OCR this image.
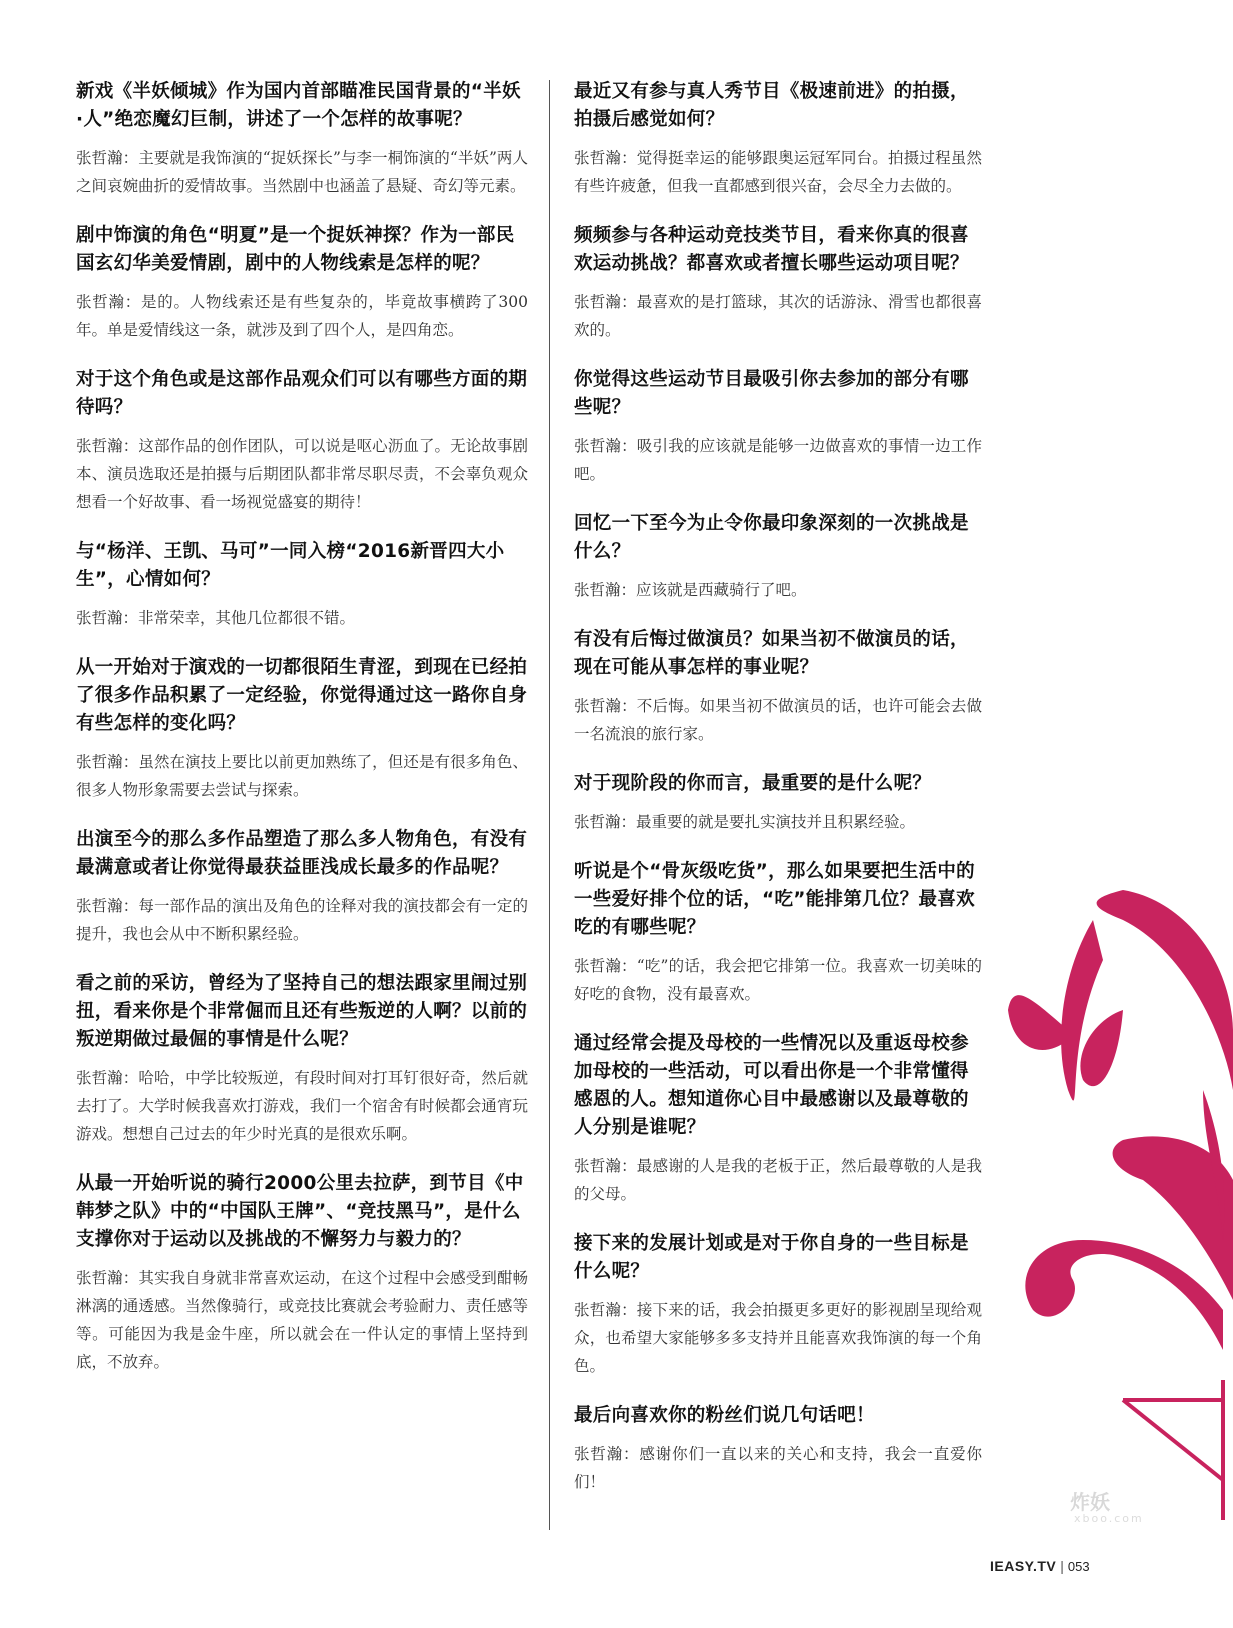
新戏《半妖倾城》作为国内首部瞄准民国背景的“半妖·人”绝恋魔幻巨制，讲述了一个怎样的故事呢？

张哲瀚：主要就是我饰演的“捉妖探长”与李一桐饰演的“半妖”两人之间哀婉曲折的爱情故事。当然剧中也涵盖了悬疑、奇幻等元素。

剧中饰演的角色“明夏”是一个捉妖神探？作为一部民国玄幻华美爱情剧，剧中的人物线索是怎样的呢？

张哲瀚：是的。人物线索还是有些复杂的，毕竟故事横跨了300年。单是爱情线这一条，就涉及到了四个人，是四角恋。

对于这个角色或是这部作品观众们可以有哪些方面的期待吗？

张哲瀚：这部作品的创作团队，可以说是呕心沥血了。无论故事剧本、演员选取还是拍摄与后期团队都非常尽职尽责，不会辜负观众想看一个好故事、看一场视觉盛宴的期待！

与“杨洋、王凯、马可”一同入榜“2016新晋四大小生”，心情如何？

张哲瀚：非常荣幸，其他几位都很不错。

从一开始对于演戏的一切都很陌生青涩，到现在已经拍了很多作品积累了一定经验，你觉得通过这一路你自身有些怎样的变化吗？

张哲瀚：虽然在演技上要比以前更加熟练了，但还是有很多角色、很多人物形象需要去尝试与探索。

出演至今的那么多作品塑造了那么多人物角色，有没有最满意或者让你觉得最获益匪浅成长最多的作品呢？

张哲瀚：每一部作品的演出及角色的诠释对我的演技都会有一定的提升，我也会从中不断积累经验。

看之前的采访，曾经为了坚持自己的想法跟家里闹过别扭，看来你是个非常倔而且还有些叛逆的人啊？以前的叛逆期做过最倔的事情是什么呢？

张哲瀚：哈哈，中学比较叛逆，有段时间对打耳钉很好奇，然后就去打了。大学时候我喜欢打游戏，我们一个宿舍有时候都会通宵玩游戏。想想自己过去的年少时光真的是很欢乐啊。

从最一开始听说的骑行2000公里去拉萨，到节目《中韩梦之队》中的“中国队王牌”、“竞技黑马”，是什么支撑你对于运动以及挑战的不懈努力与毅力的？

张哲瀚：其实我自身就非常喜欢运动，在这个过程中会感受到酣畅淋漓的通透感。当然像骑行，或竞技比赛就会考验耐力、责任感等等。可能因为我是金牛座，所以就会在一件认定的事情上坚持到底，不放弃。

最近又有参与真人秀节目《极速前进》的拍摄，拍摄后感觉如何？

张哲瀚：觉得挺幸运的能够跟奥运冠军同台。拍摄过程虽然有些许疲惫，但我一直都感到很兴奋，会尽全力去做的。

频频参与各种运动竞技类节目，看来你真的很喜欢运动挑战？都喜欢或者擅长哪些运动项目呢？

张哲瀚：最喜欢的是打篮球，其次的话游泳、滑雪也都很喜欢的。

你觉得这些运动节目最吸引你去参加的部分有哪些呢？

张哲瀚：吸引我的应该就是能够一边做喜欢的事情一边工作吧。

回忆一下至今为止令你最印象深刻的一次挑战是什么？

张哲瀚：应该就是西藏骑行了吧。

有没有后悔过做演员？如果当初不做演员的话，现在可能从事怎样的事业呢？

张哲瀚：不后悔。如果当初不做演员的话，也许可能会去做一名流浪的旅行家。

对于现阶段的你而言，最重要的是什么呢？

张哲瀚：最重要的就是要扎实演技并且积累经验。

听说是个“骨灰级吃货”，那么如果要把生活中的一些爱好排个位的话，“吃”能排第几位？最喜欢吃的有哪些呢？

张哲瀚：“吃”的话，我会把它排第一位。我喜欢一切美味的好吃的食物，没有最喜欢。

通过经常会提及母校的一些情况以及重返母校参加母校的一些活动，可以看出你是一个非常懂得感恩的人。想知道你心目中最感谢以及最尊敬的人分别是谁呢？

张哲瀚：最感谢的人是我的老板于正，然后最尊敬的人是我的父母。

接下来的发展计划或是对于你自身的一些目标是什么呢？

张哲瀚：接下来的话，我会拍摄更多更好的影视剧呈现给观众，也希望大家能够多多支持并且能喜欢我饰演的每一个角色。

最后向喜欢你的粉丝们说几句话吧！

张哲瀚：感谢你们一直以来的关心和支持，我会一直爱你们！

炸妖
xboo.com
IEASY.TV | 053
